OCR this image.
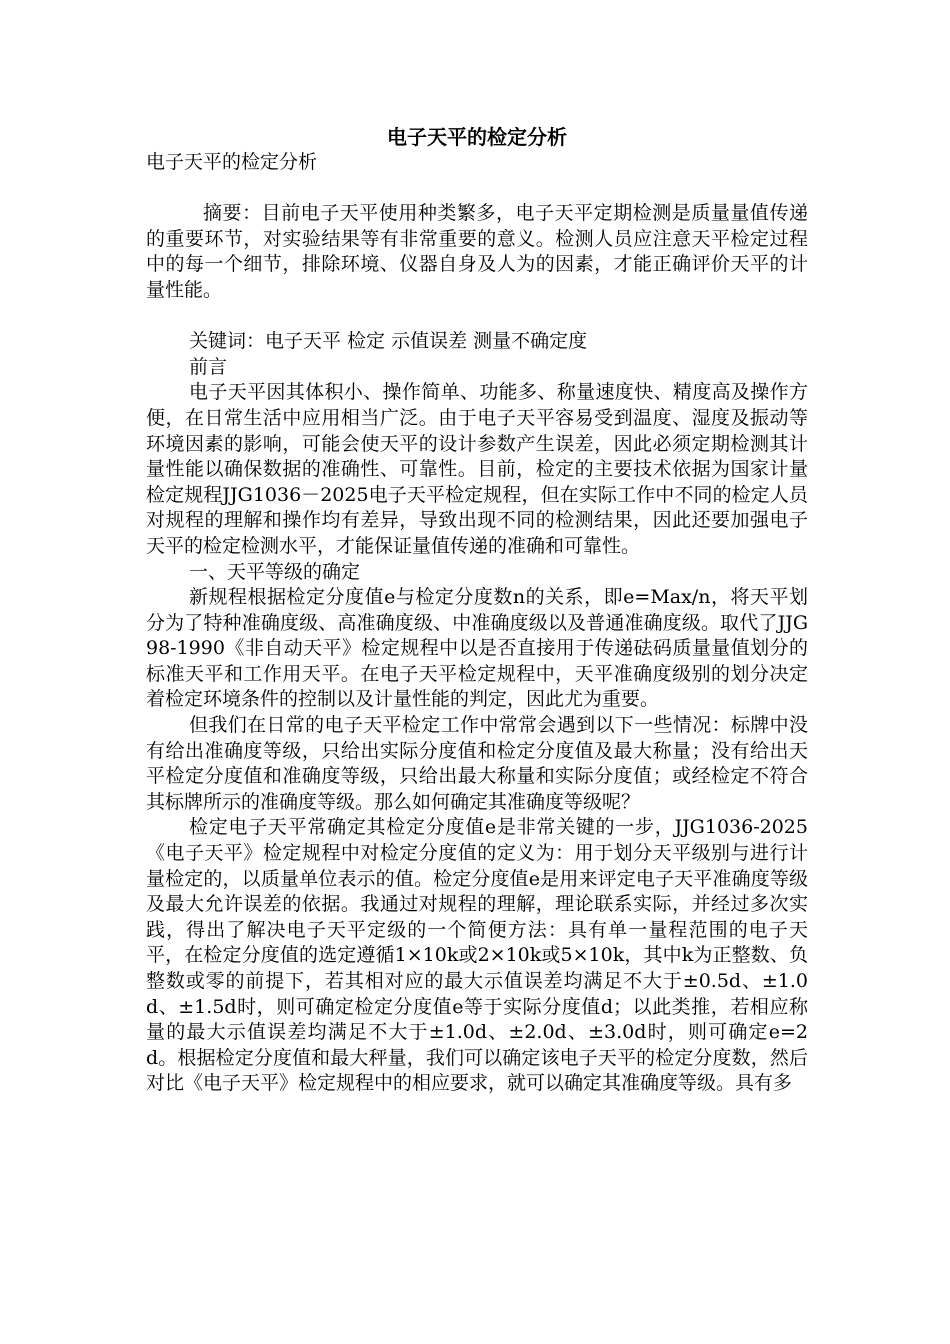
电子天平的检定分析

电子天平的检定分析

摘要：目前电子天平使用种类繁多，电子天平定期检测是质量量值传递的重要环节，对实验结果等有非常重要的意义。检测人员应注意天平检定过程中的每一个细节，排除环境、仪器自身及人为的因素，才能正确评价天平的计量性能。

关键词：电子天平 检定 示值误差 测量不确定度

前言

电子天平因其体积小、操作简单、功能多、称量速度快、精度高及操作方便，在日常生活中应用相当广泛。由于电子天平容易受到温度、湿度及振动等环境因素的影响，可能会使天平的设计参数产生误差，因此必须定期检测其计量性能以确保数据的准确性、可靠性。目前，检定的主要技术依据为国家计量检定规程JJG1036－2025电子天平检定规程，但在实际工作中不同的检定人员对规程的理解和操作均有差异，导致出现不同的检测结果，因此还要加强电子天平的检定检测水平，才能保证量值传递的准确和可靠性。

一、天平等级的确定

新规程根据检定分度值e与检定分度数n的关系，即e=Max/n，将天平划分为了特种准确度级、高准确度级、中准确度级以及普通准确度级。取代了JJG98-1990《非自动天平》检定规程中以是否直接用于传递砝码质量量值划分的标准天平和工作用天平。在电子天平检定规程中，天平准确度级别的划分决定着检定环境条件的控制以及计量性能的判定，因此尤为重要。

但我们在日常的电子天平检定工作中常常会遇到以下一些情况：标牌中没有给出准确度等级，只给出实际分度值和检定分度值及最大称量；没有给出天平检定分度值和准确度等级，只给出最大称量和实际分度值；或经检定不符合其标牌所示的准确度等级。那么如何确定其准确度等级呢？

检定电子天平常确定其检定分度值e是非常关键的一步，JJG1036-2025《电子天平》检定规程中对检定分度值的定义为：用于划分天平级别与进行计量检定的，以质量单位表示的值。检定分度值e是用来评定电子天平准确度等级及最大允许误差的依据。我通过对规程的理解，理论联系实际，并经过多次实践，得出了解决电子天平定级的一个简便方法：具有单一量程范围的电子天平，在检定分度值的选定遵循1×10k或2×10k或5×10k，其中k为正整数、负整数或零的前提下，若其相对应的最大示值误差均满足不大于±0.5d、±1.0d、±1.5d时，则可确定检定分度值e等于实际分度值d；以此类推，若相应称量的最大示值误差均满足不大于±1.0d、±2.0d、±3.0d时，则可确定e=2d。根据检定分度值和最大秤量，我们可以确定该电子天平的检定分度数，然后对比《电子天平》检定规程中的相应要求，就可以确定其准确度等级。具有多
